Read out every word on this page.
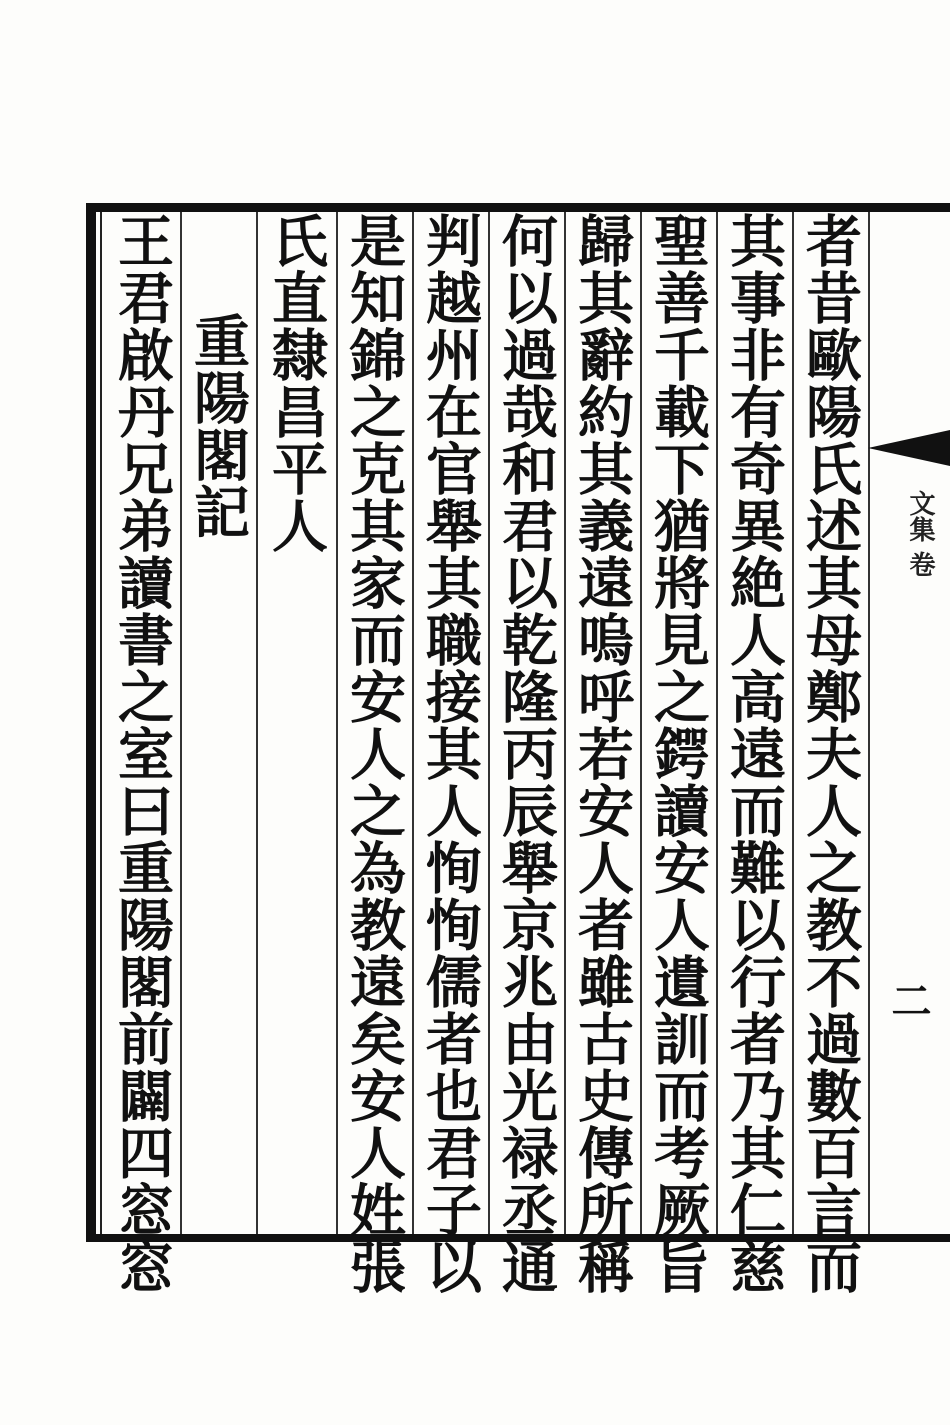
者昔歐陽氏述其母鄭夫人之教不過數百言而
其事非有奇異絶人高遠而難以行者乃其仁慈
聖善千載下猶將見之鍔讀安人遺訓而考厥旨
歸其辭約其義遠嗚呼若安人者雖古史傳所稱
何以過哉和君以乾隆丙辰舉京兆由光禄丞通
判越州在官舉其職接其人恂恂儒者也君子以
是知錦之克其家而安人之為教遠矣安人姓張
氏直隸昌平人
重陽閣記
王君啟丹兄弟讀書之室曰重陽閣前闢四窓窓	文集 卷
二
